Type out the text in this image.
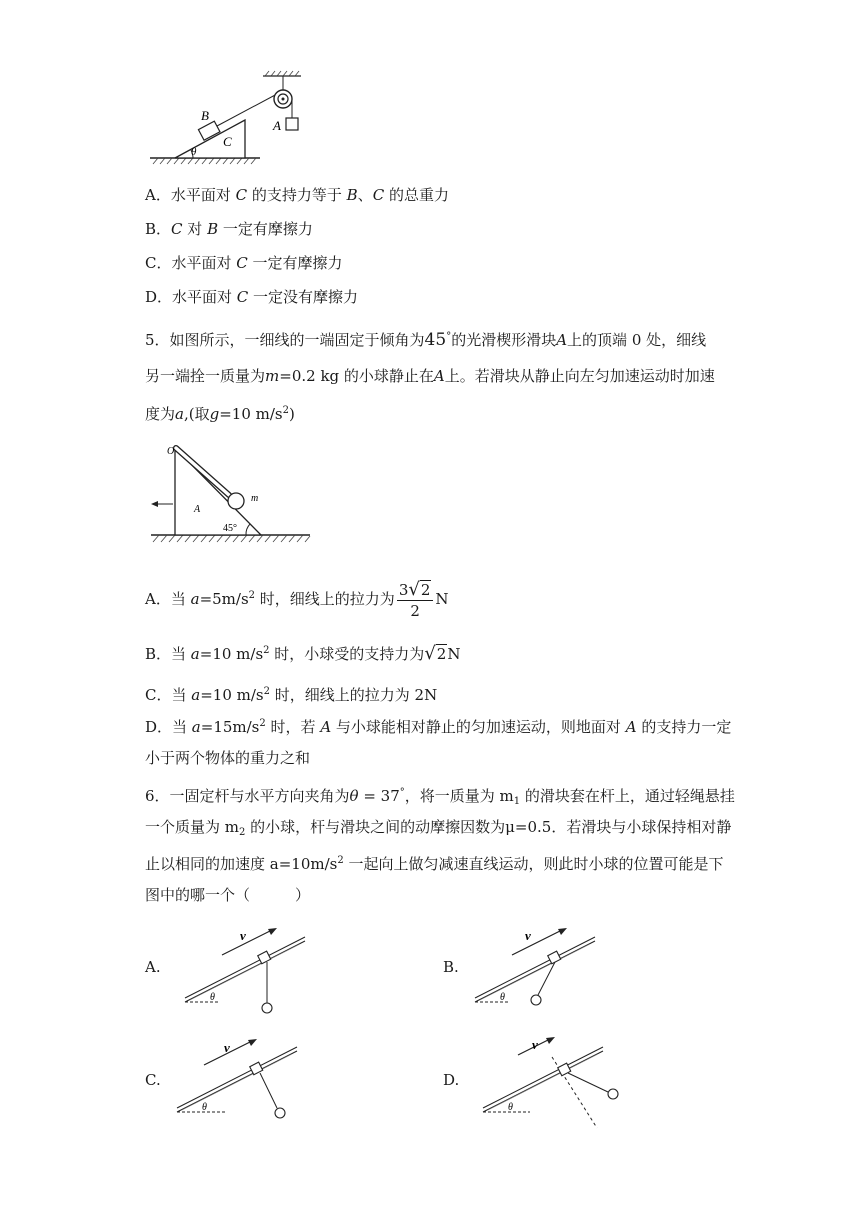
θ
B
C
A
A．水平面对 C 的支持力等于 B、C 的总重力
B．C 对 B 一定有摩擦力
C．水平面对 C 一定有摩擦力
D．水平面对 C 一定没有摩擦力
5．如图所示，一细线的一端固定于倾角为45°的光滑楔形滑块A上的顶端 0 处，细线
另一端拴一质量为m=0.2 kg 的小球静止在A上。若滑块从静止向左匀加速运动时加速
度为a,(取g=10 $m/s^2$)
45°
m
O
A
A．当 $a=5m/s^2$ 时，细线上的拉力为 $\frac{3√2}{2}$ N
B．当 a=10 $m/s^2$ 时，小球受的支持力为√2N
C．当 a=10 $m/s^2$ 时，细线上的拉力为 2N
D．当 $a=15m/s^2$ 时，若 A 与小球能相对静止的匀加速运动，则地面对 A 的支持力一定
小于两个物体的重力之和
6．一固定杆与水平方向夹角为θ = 37°，将一质量为 $m_1$ 的滑块套在杆上，通过轻绳悬挂
一个质量为 $m_2$ 的小球，杆与滑块之间的动摩擦因数为μ=0.5．若滑块与小球保持相对静
止以相同的加速度 $a=10m/s^2$ 一起向上做匀减速直线运动，则此时小球的位置可能是下
图中的哪一个（　　　）
A.	B.
C.	D.
θ
v
θ
v
θ
v
θ
v
